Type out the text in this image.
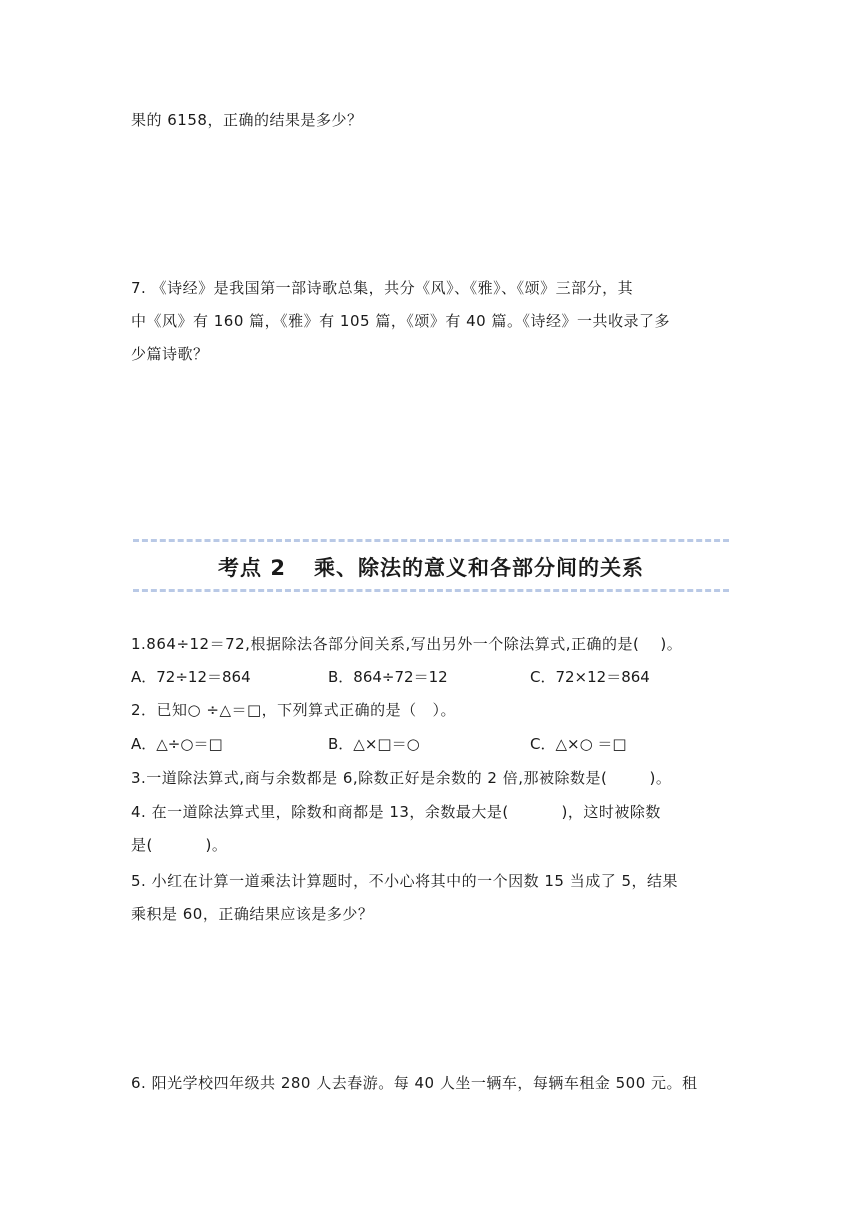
果的 6158，正确的结果是多少？
7. 《诗经》是我国第一部诗歌总集，共分《风》、《雅》、《颂》三部分，其
中《风》有 160 篇，《雅》有 105 篇，《颂》有 40 篇。《诗经》一共收录了多
少篇诗歌？
考点 2 乘、除法的意义和各部分间的关系
1.864÷12＝72,根据除法各部分间关系,写出另外一个除法算式,正确的是(    )。
A．72÷12＝864	B．864÷72＝12	C．72×12＝864
2．已知○ ÷△＝□，下列算式正确的是（   ）。
A．△÷○＝□	B．△×□＝○	C．△×○ ＝□
3.一道除法算式,商与余数都是 6,除数正好是余数的 2 倍,那被除数是(        )。
4. 在一道除法算式里，除数和商都是 13，余数最大是(          )，这时被除数
是(          )。
5. 小红在计算一道乘法计算题时，不小心将其中的一个因数 15 当成了 5，结果
乘积是 60，正确结果应该是多少？
6. 阳光学校四年级共 280 人去春游。每 40 人坐一辆车，每辆车租金 500 元。租
